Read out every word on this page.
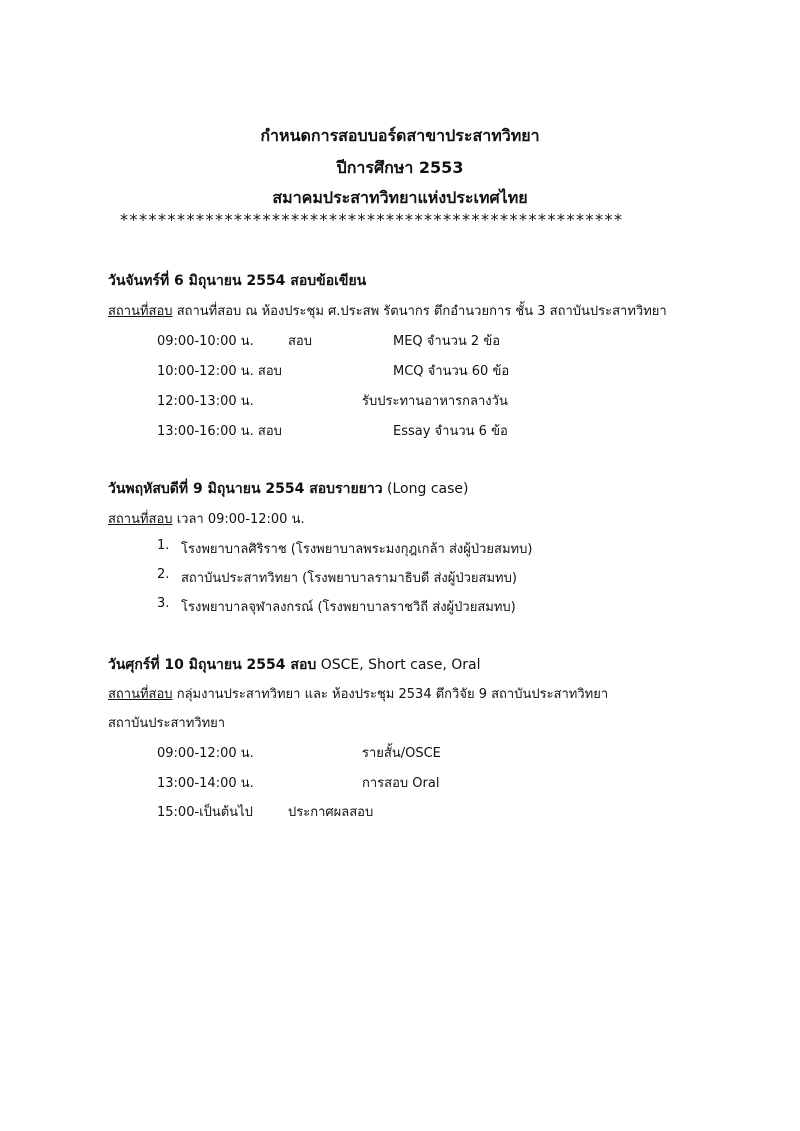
กำหนดการสอบบอร์ดสาขาประสาทวิทยา
ปีการศึกษา 2553
สมาคมประสาทวิทยาแห่งประเทศไทย
*****************************************************
วันจันทร์ที่ 6 มิถุนายน 2554 สอบข้อเขียน
สถานที่สอบ สถานที่สอบ ณ ห้องประชุม ศ.ประสพ รัตนากร ตึกอำนวยการ ชั้น 3 สถาบันประสาทวิทยา
09:00-10:00 น.	สอบ	MEQ จำนวน 2 ข้อ
10:00-12:00 น. สอบ	MCQ จำนวน 60 ข้อ
12:00-13:00 น.	รับประทานอาหารกลางวัน
13:00-16:00 น. สอบ	Essay จำนวน 6 ข้อ
วันพฤหัสบดีที่ 9 มิถุนายน 2554 สอบรายยาว (Long case)
สถานที่สอบ เวลา 09:00-12:00 น.
1. โรงพยาบาลศิริราช (โรงพยาบาลพระมงกุฎเกล้า ส่งผู้ป่วยสมทบ)
2. สถาบันประสาทวิทยา (โรงพยาบาลรามาธิบดี ส่งผู้ป่วยสมทบ)
3. โรงพยาบาลจุฬาลงกรณ์ (โรงพยาบาลราชวิถี ส่งผู้ป่วยสมทบ)
วันศุกร์ที่ 10 มิถุนายน 2554 สอบ OSCE, Short case, Oral
สถานที่สอบ กลุ่มงานประสาทวิทยา และ ห้องประชุม 2534 ตึกวิจัย 9 สถาบันประสาทวิทยา
สถาบันประสาทวิทยา
09:00-12:00 น.	รายสั้น/OSCE
13:00-14:00 น.	การสอบ Oral
15:00-เป็นต้นไป	ประกาศผลสอบ
